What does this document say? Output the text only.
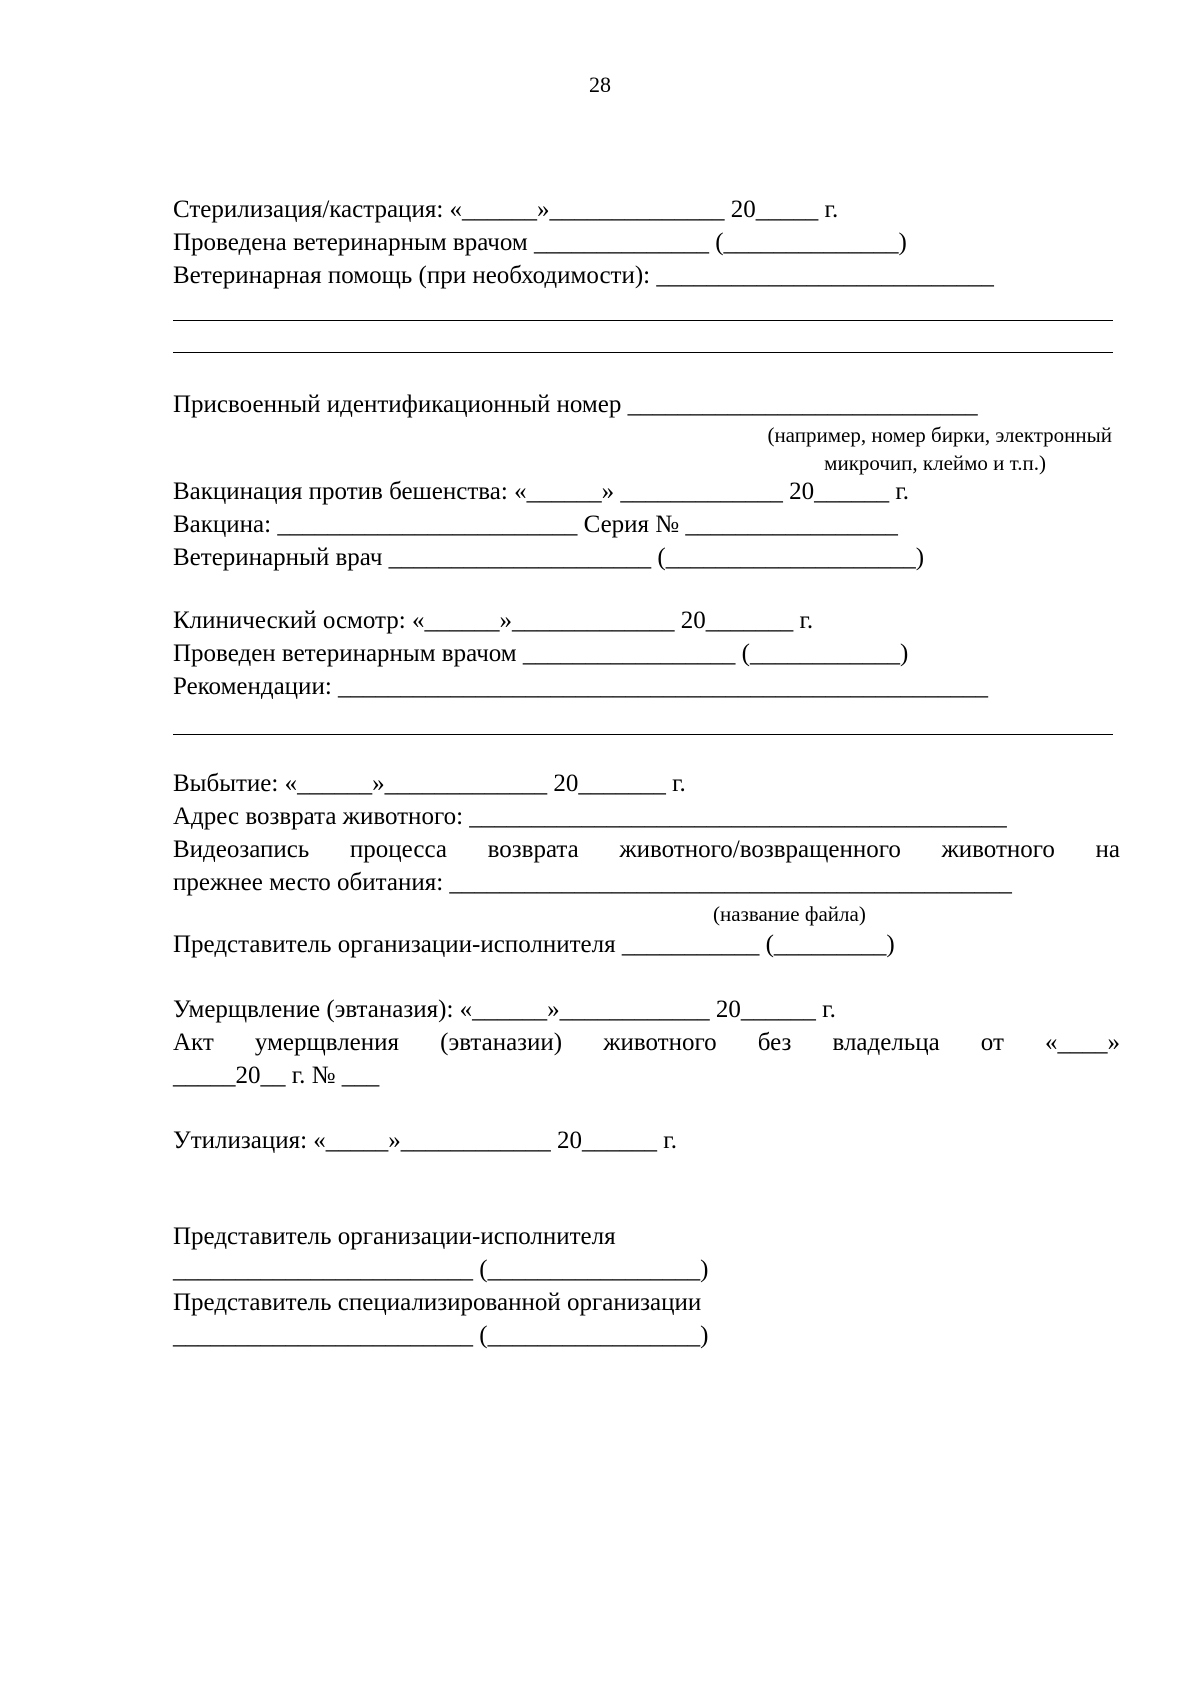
28
Стерилизация/кастрация: «______»______________ 20_____ г.
Проведена ветеринарным врачом ______________ (______________)
Ветеринарная помощь (при необходимости): ___________________________
Присвоенный идентификационный номер ____________________________
(например, номер бирки, электронный
микрочип, клеймо и т.п.)
Вакцинация против бешенства: «______» _____________ 20______ г.
Вакцина: ________________________ Серия № _________________
Ветеринарный врач _____________________ (____________________)
Клинический осмотр: «______»_____________ 20_______ г.
Проведен ветеринарным врачом _________________ (____________)
Рекомендации: ____________________________________________________
Выбытие: «______»_____________ 20_______ г.
Адрес возврата животного: ___________________________________________
Видеозапись процесса возврата животного/возвращенного животного на
прежнее место обитания: _____________________________________________
(название файла)
Представитель организации-исполнителя ___________ (_________)
Умерщвление (эвтаназия): «______»____________ 20______ г.
Акт умерщвления (эвтаназии) животного без владельца от «____»
_____20__ г. № ___
Утилизация: «_____»____________ 20______ г.
Представитель организации-исполнителя
________________________ (_________________)
Представитель специализированной организации
________________________ (_________________)
